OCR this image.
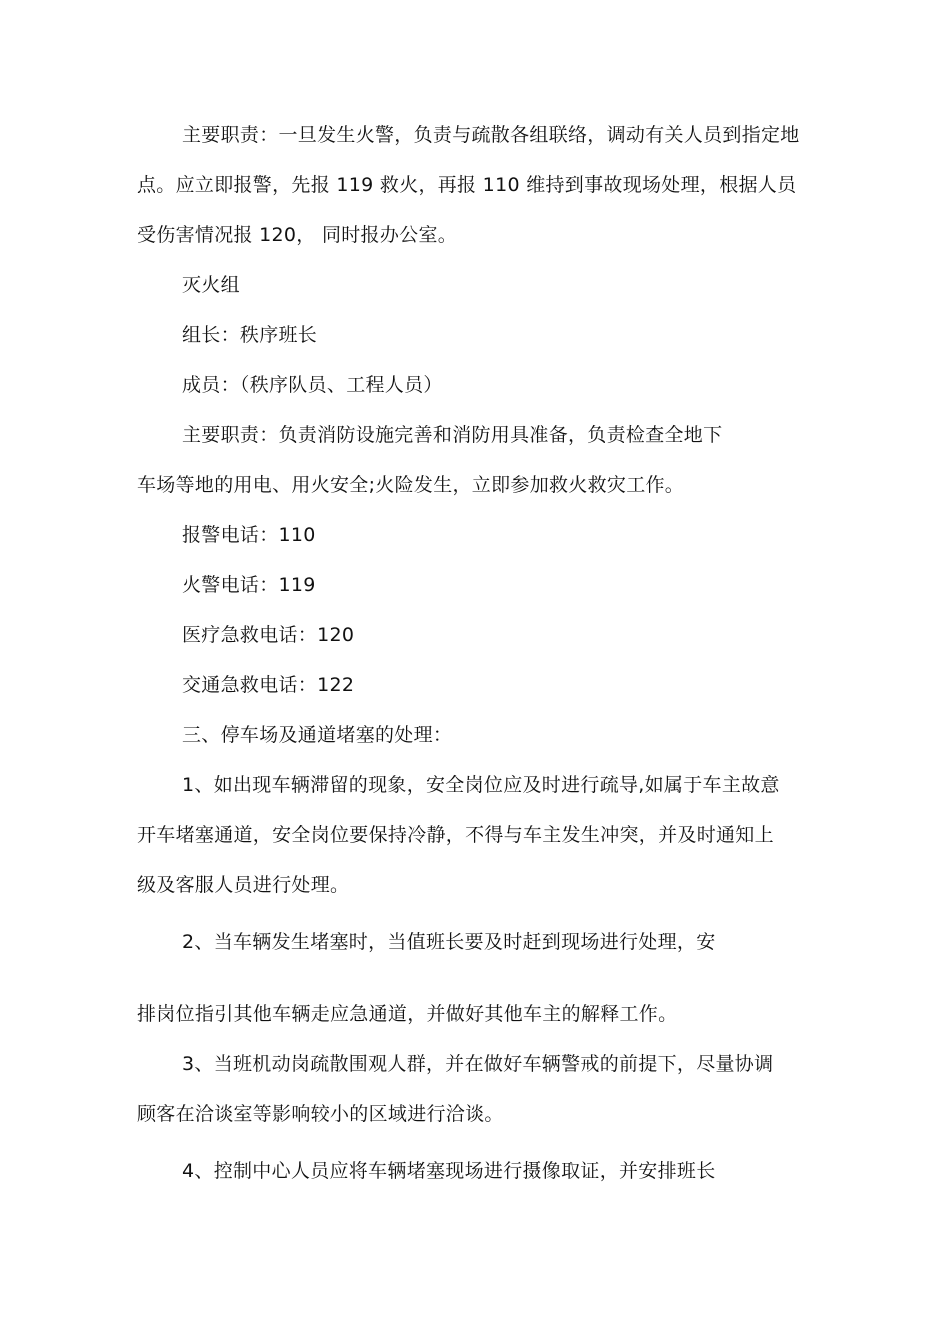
主要职责：一旦发生火警，负责与疏散各组联络，调动有关人员到指定地
点。应立即报警，先报 119 救火，再报 110 维持到事故现场处理，根据人员
受伤害情况报 120， 同时报办公室。
灭火组
组长：秩序班长
成员：（秩序队员、工程人员）
主要职责：负责消防设施完善和消防用具准备，负责检查全地下
车场等地的用电、用火安全;火险发生，立即参加救火救灾工作。
报警电话：110
火警电话：119
医疗急救电话：120
交通急救电话：122
三、停车场及通道堵塞的处理：
1、如出现车辆滞留的现象，安全岗位应及时进行疏导,如属于车主故意
开车堵塞通道，安全岗位要保持冷静，不得与车主发生冲突，并及时通知上
级及客服人员进行处理。
2、当车辆发生堵塞时，当值班长要及时赶到现场进行处理，安
排岗位指引其他车辆走应急通道，并做好其他车主的解释工作。
3、当班机动岗疏散围观人群，并在做好车辆警戒的前提下，尽量协调
顾客在洽谈室等影响较小的区域进行洽谈。
4、控制中心人员应将车辆堵塞现场进行摄像取证，并安排班长
